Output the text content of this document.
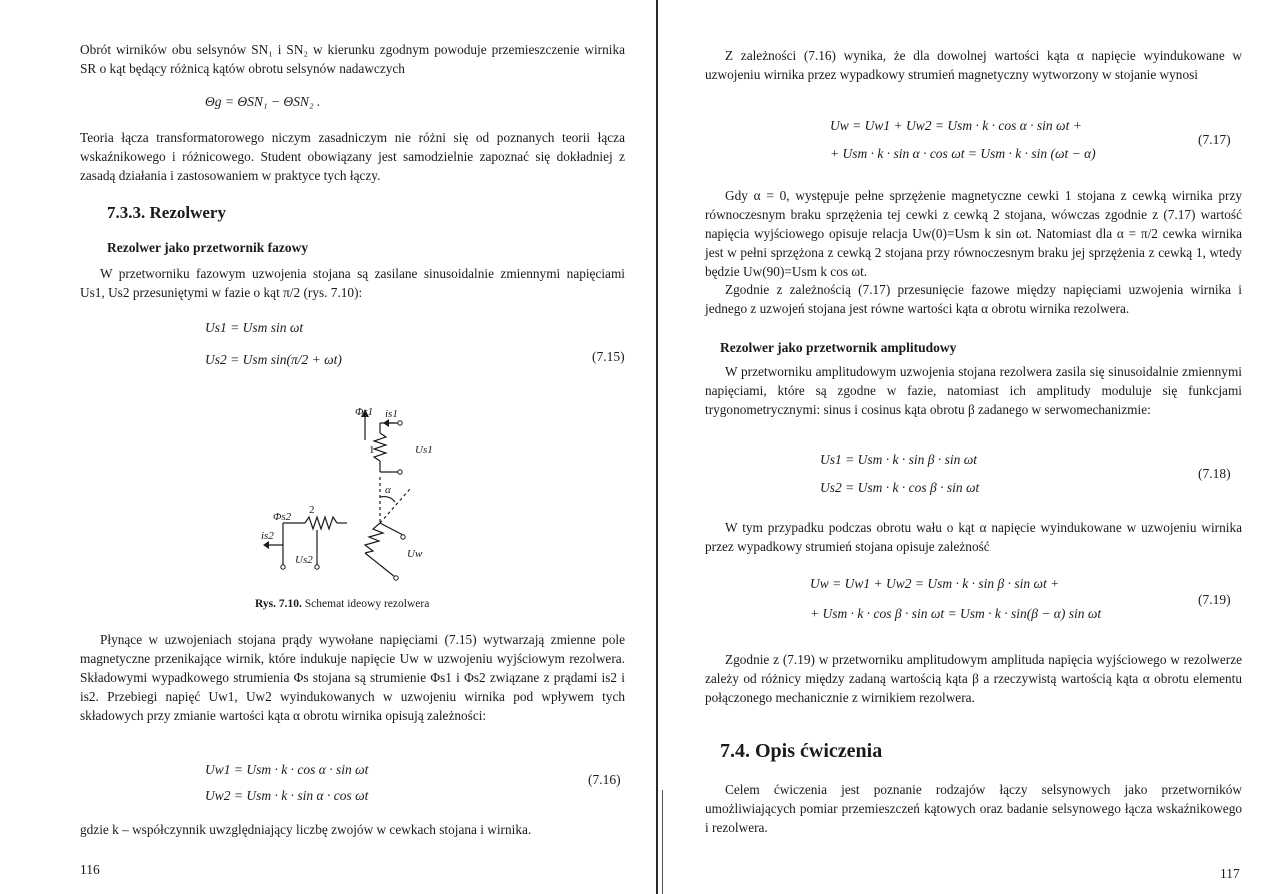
Obrót wirników obu selsynów SN₁ i SN₂ w kierunku zgodnym powoduje przemieszczenie wirnika SR o kąt będący różnicą kątów obrotu selsynów nadawczych

Θg = ΘSN₁ − ΘSN₂ .

Teoria łącza transformatorowego niczym zasadniczym nie różni się od poznanych teorii łącza wskaźnikowego i różnicowego. Student obowiązany jest samodzielnie zapoznać się dokładniej z zasadą działania i zastosowaniem w praktyce tych łączy.

7.3.3. Rezolwery
Rezolwer jako przetwornik fazowy

W przetworniku fazowym uzwojenia stojana są zasilane sinusoidalnie zmiennymi napięciami Us1, Us2 przesuniętymi w fazie o kąt π/2 (rys. 7.10):

Us1 = Usm sin ωt
Us2 = Usm sin(π/2 + ωt)	(7.15)
Φs1 is1
1	Us1
α
Φs2
2
is2
Us2	Uw
Rys. 7.10. Schemat ideowy rezolwera

Płynące w uzwojeniach stojana prądy wywołane napięciami (7.15) wytwarzają zmienne pole magnetyczne przenikające wirnik, które indukuje napięcie Uw w uzwojeniu wyjściowym rezolwera. Składowymi wypadkowego strumienia Φs stojana są strumienie Φs1 i Φs2 związane z prądami is2 i is2. Przebiegi napięć Uw1, Uw2 wyindukowanych w uzwojeniu wirnika pod wpływem tych składowych przy zmianie wartości kąta α obrotu wirnika opisują zależności:

Uw1 = Usm · k · cos α · sin ωt
Uw2 = Usm · k · sin α · cos ωt
(7.16)

gdzie k – współczynnik uwzględniający liczbę zwojów w cewkach stojana i wirnika.

116

Z zależności (7.16) wynika, że dla dowolnej wartości kąta α napięcie wyindukowane w uzwojeniu wirnika przez wypadkowy strumień magnetyczny wytworzony w stojanie wynosi

Uw = Uw1 + Uw2 = Usm · k · cos α · sin ωt +
+ Usm · k · sin α · cos ωt = Usm · k · sin (ωt − α)
(7.17)

Gdy α = 0, występuje pełne sprzężenie magnetyczne cewki 1 stojana z cewką wirnika przy równoczesnym braku sprzężenia tej cewki z cewką 2 stojana, wówczas zgodnie z (7.17) wartość napięcia wyjściowego opisuje relacja Uw(0)=Usm k sin ωt. Natomiast dla α = π/2 cewka wirnika jest w pełni sprzężona z cewką 2 stojana przy równoczesnym braku jej sprzężenia z cewką 1, wtedy będzie Uw(90)=Usm k cos ωt.

Zgodnie z zależnością (7.17) przesunięcie fazowe między napięciami uzwojenia wirnika i jednego z uzwojeń stojana jest równe wartości kąta α obrotu wirnika rezolwera.

Rezolwer jako przetwornik amplitudowy

W przetworniku amplitudowym uzwojenia stojana rezolwera zasila się sinusoidalnie zmiennymi napięciami, które są zgodne w fazie, natomiast ich amplitudy moduluje się funkcjami trygonometrycznymi: sinus i cosinus kąta obrotu β zadanego w serwomechanizmie:

Us1 = Usm · k · sin β · sin ωt
Us2 = Usm · k · cos β · sin ωt
(7.18)

W tym przypadku podczas obrotu wału o kąt α napięcie wyindukowane w uzwojeniu wirnika przez wypadkowy strumień stojana opisuje zależność

Uw = Uw1 + Uw2 = Usm · k · sin β · sin ωt +
+ Usm · k · cos β · sin ωt = Usm · k · sin(β − α) sin ωt
(7.19)

Zgodnie z (7.19) w przetworniku amplitudowym amplituda napięcia wyjściowego w rezolwerze zależy od różnicy między zadaną wartością kąta β a rzeczywistą wartością kąta α obrotu elementu połączonego mechanicznie z wirnikiem rezolwera.

7.4. Opis ćwiczenia

Celem ćwiczenia jest poznanie rodzajów łączy selsynowych jako przetworników umożliwiających pomiar przemieszczeń kątowych oraz badanie selsynowego łącza wskaźnikowego i rezolwera.

117
